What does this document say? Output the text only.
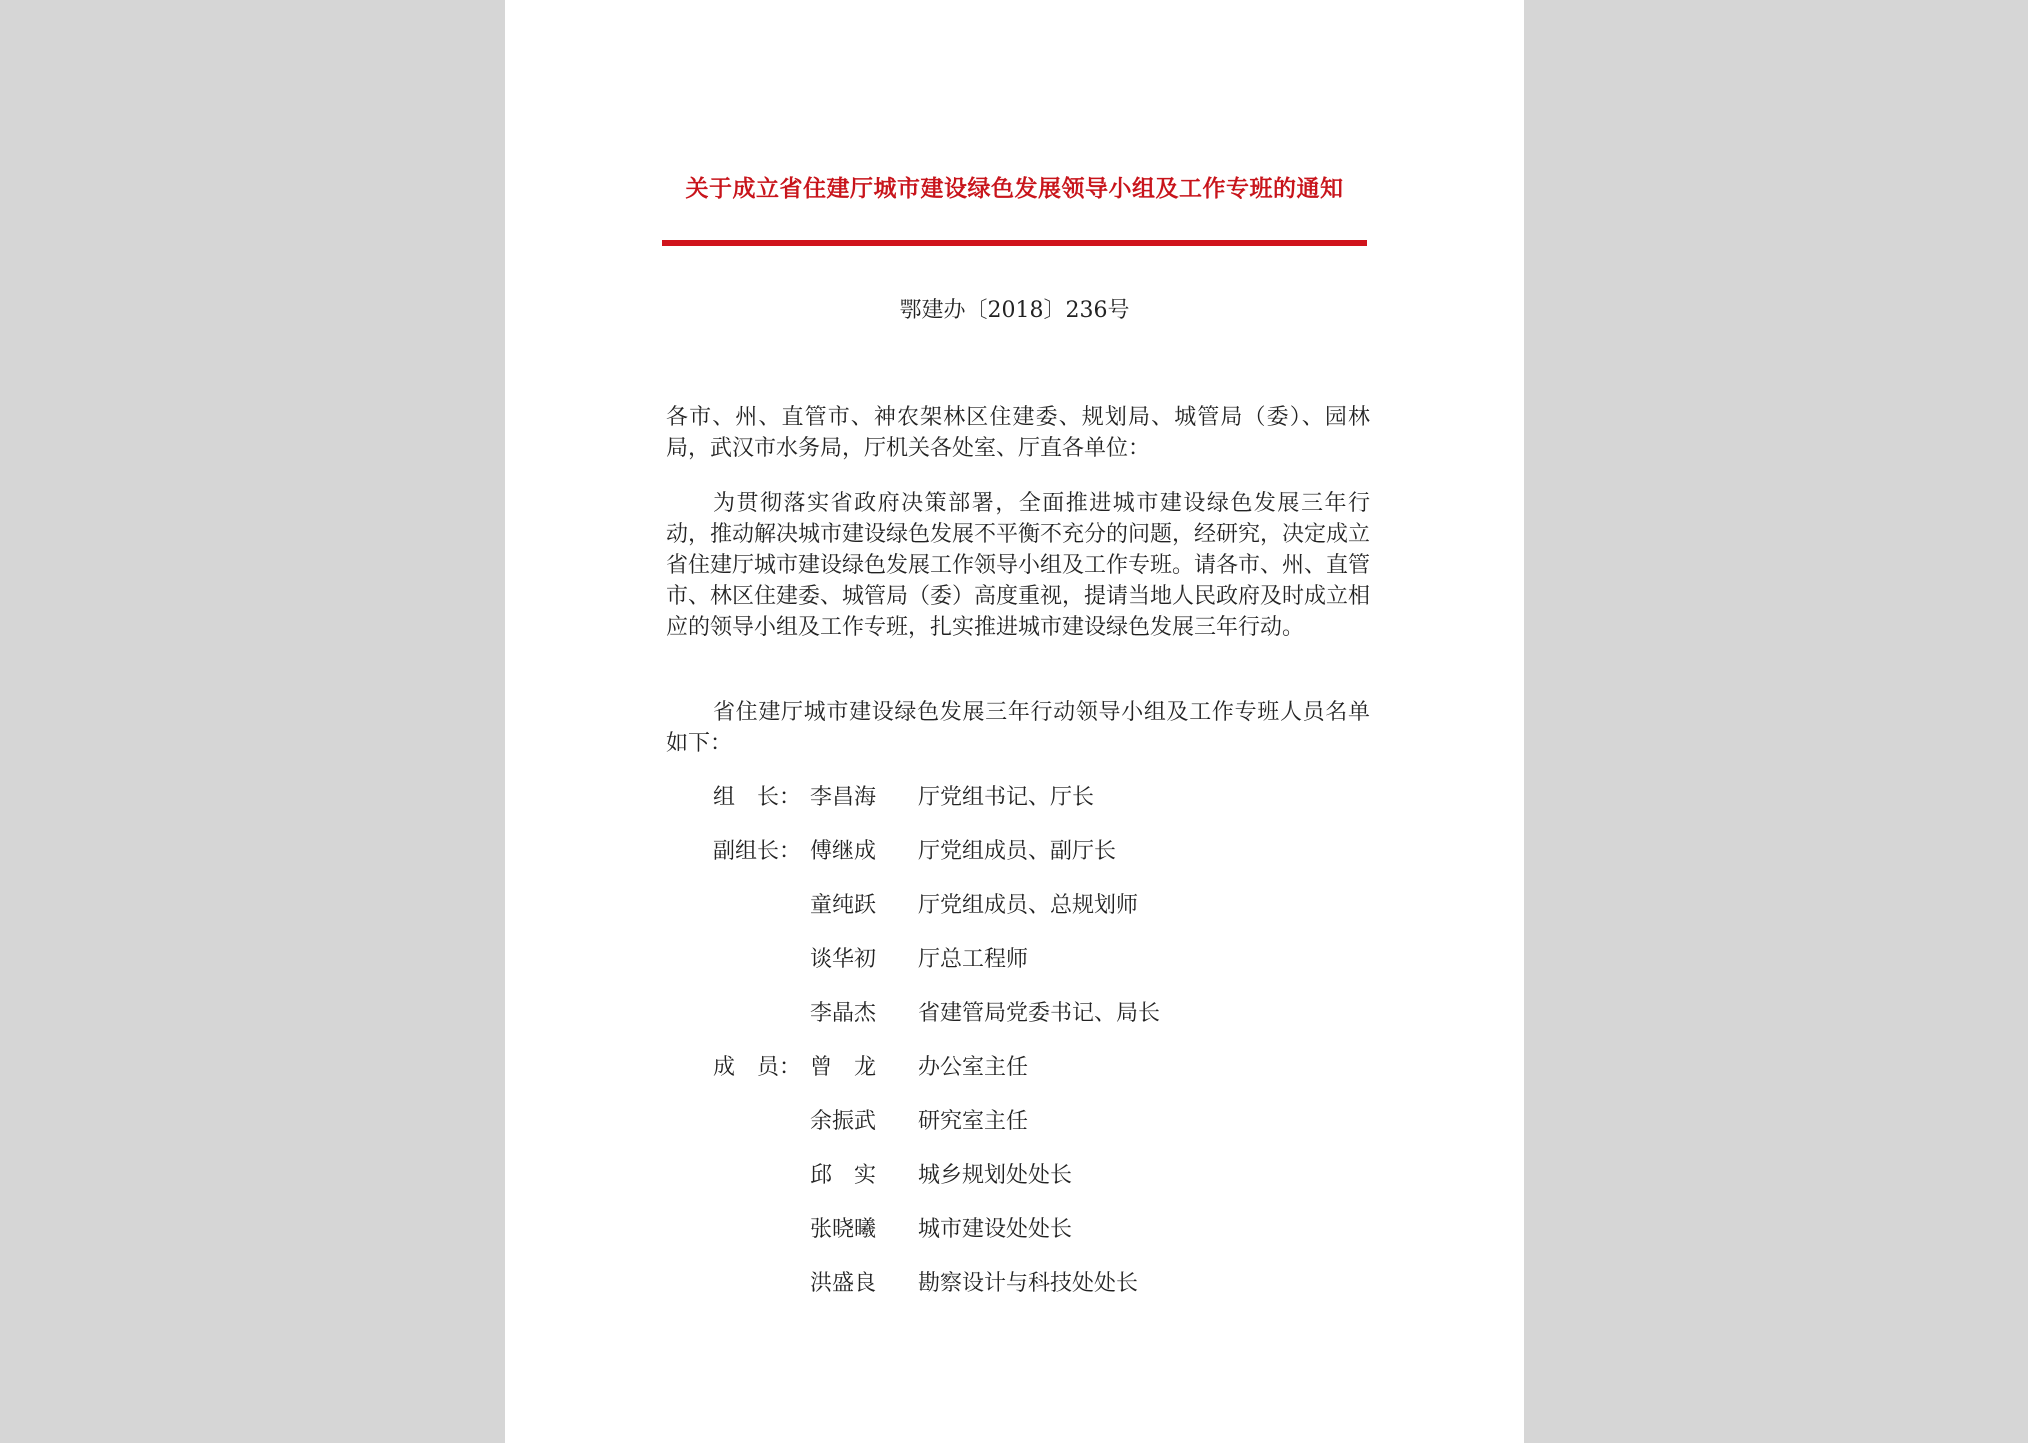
关于成立省住建厅城市建设绿色发展领导小组及工作专班的通知
鄂建办〔2018〕236号
各市、州、直管市、神农架林区住建委、规划局、城管局（委）、园林局，武汉市水务局，厅机关各处室、厅直各单位：
为贯彻落实省政府决策部署，全面推进城市建设绿色发展三年行动，推动解决城市建设绿色发展不平衡不充分的问题，经研究，决定成立省住建厅城市建设绿色发展工作领导小组及工作专班。请各市、州、直管市、林区住建委、城管局（委）高度重视，提请当地人民政府及时成立相应的领导小组及工作专班，扎实推进城市建设绿色发展三年行动。
省住建厅城市建设绿色发展三年行动领导小组及工作专班人员名单如下：
组　长： 李昌海 厅党组书记、厅长
副组长： 傅继成 厅党组成员、副厅长
童纯跃 厅党组成员、总规划师
谈华初 厅总工程师
李晶杰 省建管局党委书记、局长
成　员： 曾　龙 办公室主任
余振武 研究室主任
邱　实 城乡规划处处长
张晓曦 城市建设处处长
洪盛良 勘察设计与科技处处长
